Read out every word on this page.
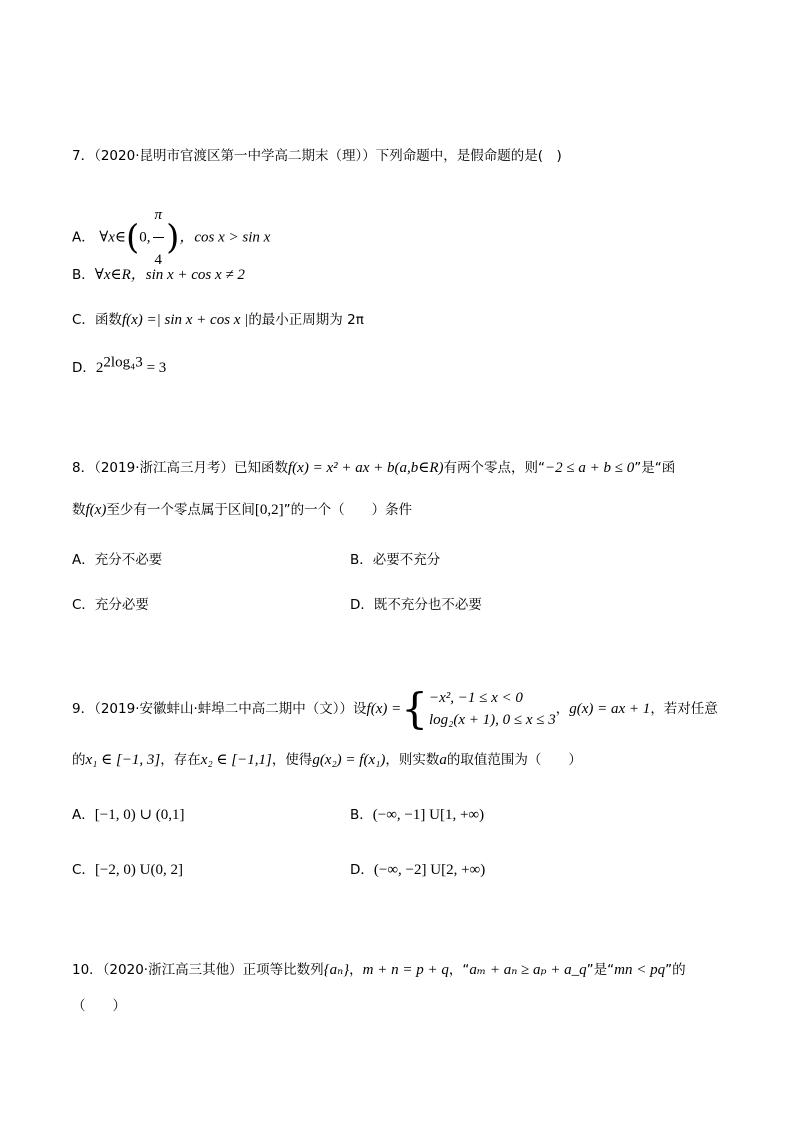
7．（2020·昆明市官渡区第一中学高二期末（理））下列命题中，是假命题的是(　)
A． ∀x∈(0, $\frac{\pi}{4}$ )，cos x > sin x
B．∀x∈R，sin x + cos x ≠ 2
C．函数f(x) =| sin x + cos x |的最小正周期为 2π
D．$2^{2log_43} = 3$
8．（2019·浙江高三月考）已知函数f(x) = x² + ax + b(a,b∈R)有两个零点，则“−2 ≤ a + b ≤ 0”是“函
数f(x)至少有一个零点属于区间[0,2]”的一个（　　）条件
A．充分不必要	B．必要不充分
C．充分必要	D．既不充分也不必要
9．（2019·安徽蚌山·蚌埠二中高二期中（文））设f(x) ={ −x², −1 ≤ x < 0
log₂(x + 1), 0 ≤ x ≤ 3
，g(x) = ax + 1，若对任意
的x₁ ∈ [−1, 3]，存在x₂ ∈ [−1,1]，使得g(x₂) = f(x₁)，则实数a的取值范围为（　　）
A．[−1, 0) ∪ (0,1]	B．(−∞, −1] U[1, +∞)
C．[−2, 0) U(0, 2]	D．(−∞, −2] U[2, +∞)
10．（2020·浙江高三其他）正项等比数列{aₙ}，m + n = p + q，“aₘ + aₙ ≥ aₚ + a_q”是“mn < pq”的
（　　）
